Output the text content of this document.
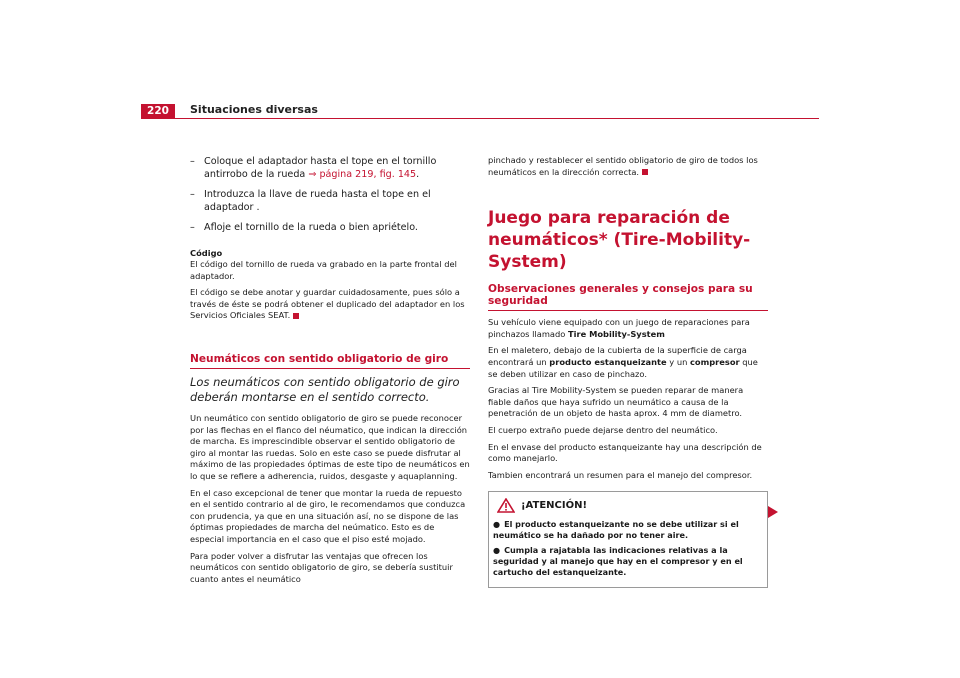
220	Situaciones diversas
– Coloque el adaptador hasta el tope en el tornillo antirrobo de la rueda ⇒ página 219, fig. 145.
– Introduzca la llave de rueda hasta el tope en el adaptador .
– Afloje el tornillo de la rueda o bien apriételo.
Código

El código del tornillo de rueda va grabado en la parte frontal del adaptador.

El código se debe anotar y guardar cuidadosamente, pues sólo a través de éste se podrá obtener el duplicado del adaptador en los Servicios Oficiales SEAT.

Neumáticos con sentido obligatorio de giro
Los neumáticos con sentido obligatorio de giro deberán montarse en el sentido correcto.

Un neumático con sentido obligatorio de giro se puede reconocer por las flechas en el flanco del néumatico, que indican la dirección de marcha. Es imprescindible observar el sentido obligatorio de giro al montar las ruedas. Solo en este caso se puede disfrutar al máximo de las propiedades óptimas de este tipo de neumáticos en lo que se refiere a adherencia, ruidos, desgaste y aquaplanning.

En el caso excepcional de tener que montar la rueda de repuesto en el sentido contrario al de giro, le recomendamos que conduzca con prudencia, ya que en una situación así, no se dispone de las óptimas propiedades de marcha del neúmatico. Esto es de especial importancia en el caso que el piso esté mojado.

Para poder volver a disfrutar las ventajas que ofrecen los neumáticos con sentido obligatorio de giro, se debería sustituir cuanto antes el neumático

pinchado y restablecer el sentido obligatorio de giro de todos los neumáticos en la dirección correcta.

Juego para reparación de neumáticos* (Tire-Mobility-System)
Observaciones generales y consejos para su seguridad

Su vehículo viene equipado con un juego de reparaciones para pinchazos llamado Tire Mobility-System

En el maletero, debajo de la cubierta de la superficie de carga encontrará un producto estanqueizante y un compresor que se deben utilizar en caso de pinchazo.

Gracias al Tire Mobility-System se pueden reparar de manera fiable daños que haya sufrido un neumático a causa de la penetración de un objeto de hasta aprox. 4 mm de diametro.

El cuerpo extraño puede dejarse dentro del neumático.

En el envase del producto estanqueizante hay una descripción de como manejarlo.

Tambien encontrará un resumen para el manejo del compresor.

¡ATENCIÓN!
● El producto estanqueizante no se debe utilizar si el neumático se ha dañado por no tener aire.
● Cumpla a rajatabla las indicaciones relativas a la seguridad y al manejo que hay en el compresor y en el cartucho del estanqueizante.
